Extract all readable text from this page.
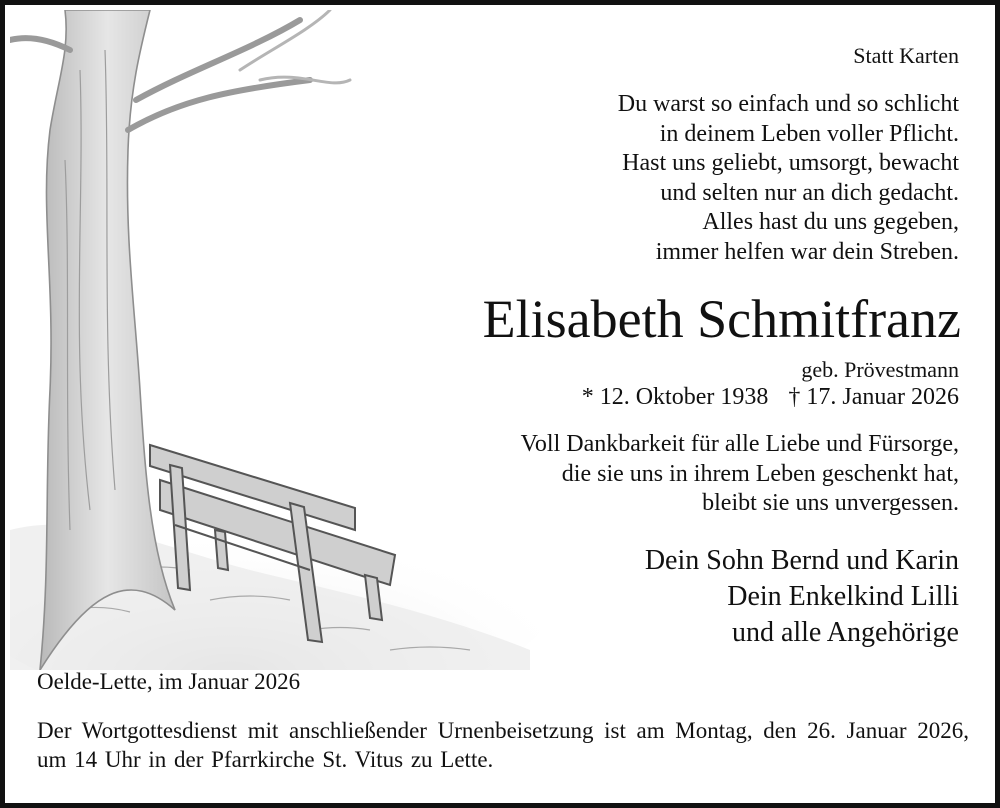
Statt Karten
Du warst so einfach und so schlicht
in deinem Leben voller Pflicht.
Hast uns geliebt, umsorgt, bewacht
und selten nur an dich gedacht.
Alles hast du uns gegeben,
immer helfen war dein Streben.
Elisabeth Schmitfranz
geb. Prövestmann
* 12. Oktober 1938 † 17. Januar 2026
Voll Dankbarkeit für alle Liebe und Fürsorge,
die sie uns in ihrem Leben geschenkt hat,
bleibt sie uns unvergessen.
Dein Sohn Bernd und Karin
Dein Enkelkind Lilli
und alle Angehörige
Oelde-Lette, im Januar 2026
Der Wortgottesdienst mit anschließender Urnenbeisetzung ist am Montag, den 26. Januar 2026, um 14 Uhr in der Pfarrkirche St. Vitus zu Lette.
